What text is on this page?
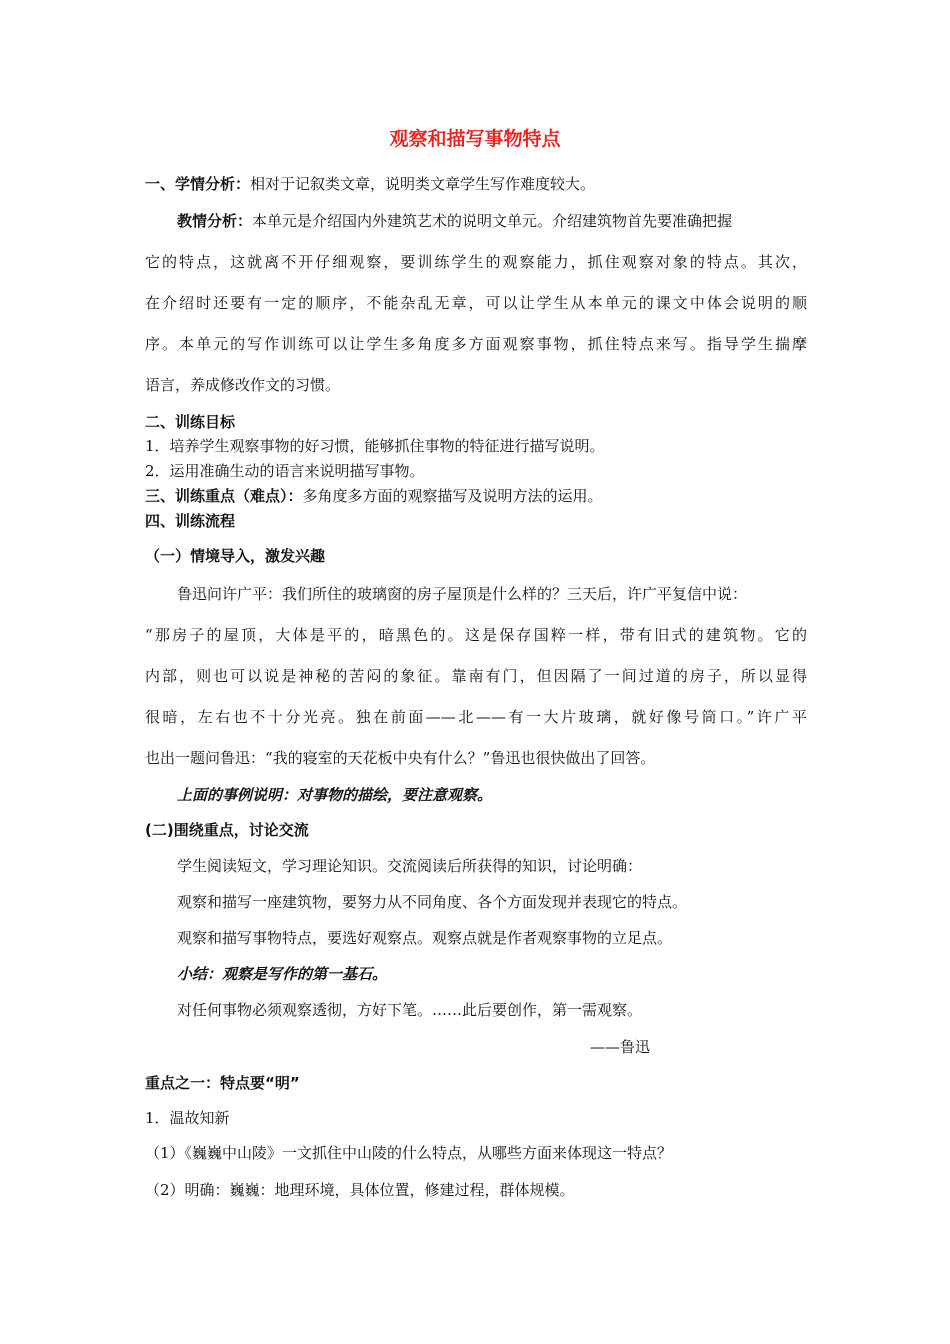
观察和描写事物特点
一、学情分析：相对于记叙类文章，说明类文章学生写作难度较大。
教情分析：本单元是介绍国内外建筑艺术的说明文单元。介绍建筑物首先要准确把握
它的特点，这就离不开仔细观察，要训练学生的观察能力，抓住观察对象的特点。其次，
在介绍时还要有一定的顺序，不能杂乱无章，可以让学生从本单元的课文中体会说明的顺
序。本单元的写作训练可以让学生多角度多方面观察事物，抓住特点来写。指导学生揣摩
语言，养成修改作文的习惯。
二、训练目标
1．培养学生观察事物的好习惯，能够抓住事物的特征进行描写说明。
2．运用准确生动的语言来说明描写事物。
三、训练重点（难点）：多角度多方面的观察描写及说明方法的运用。
四、训练流程
（一）情境导入，激发兴趣
鲁迅问许广平：我们所住的玻璃窗的房子屋顶是什么样的？三天后，许广平复信中说：
“那房子的屋顶，大体是平的，暗黑色的。这是保存国粹一样，带有旧式的建筑物。它的
内部，则也可以说是神秘的苦闷的象征。靠南有门，但因隔了一间过道的房子，所以显得
很暗，左右也不十分光亮。独在前面——北——有一大片玻璃，就好像号筒口。”许广平
也出一题问鲁迅：“我的寝室的天花板中央有什么？”鲁迅也很快做出了回答。
上面的事例说明：对事物的描绘，要注意观察。
(二)围绕重点，讨论交流
学生阅读短文，学习理论知识。交流阅读后所获得的知识，讨论明确：
观察和描写一座建筑物，要努力从不同角度、各个方面发现并表现它的特点。
观察和描写事物特点，要选好观察点。观察点就是作者观察事物的立足点。
小结：观察是写作的第一基石。
对任何事物必须观察透彻，方好下笔。……此后要创作，第一需观察。
——鲁迅
重点之一：特点要“明”
1．温故知新
（1）《巍巍中山陵》一文抓住中山陵的什么特点，从哪些方面来体现这一特点？
（2）明确：巍巍：地理环境，具体位置，修建过程，群体规模。
